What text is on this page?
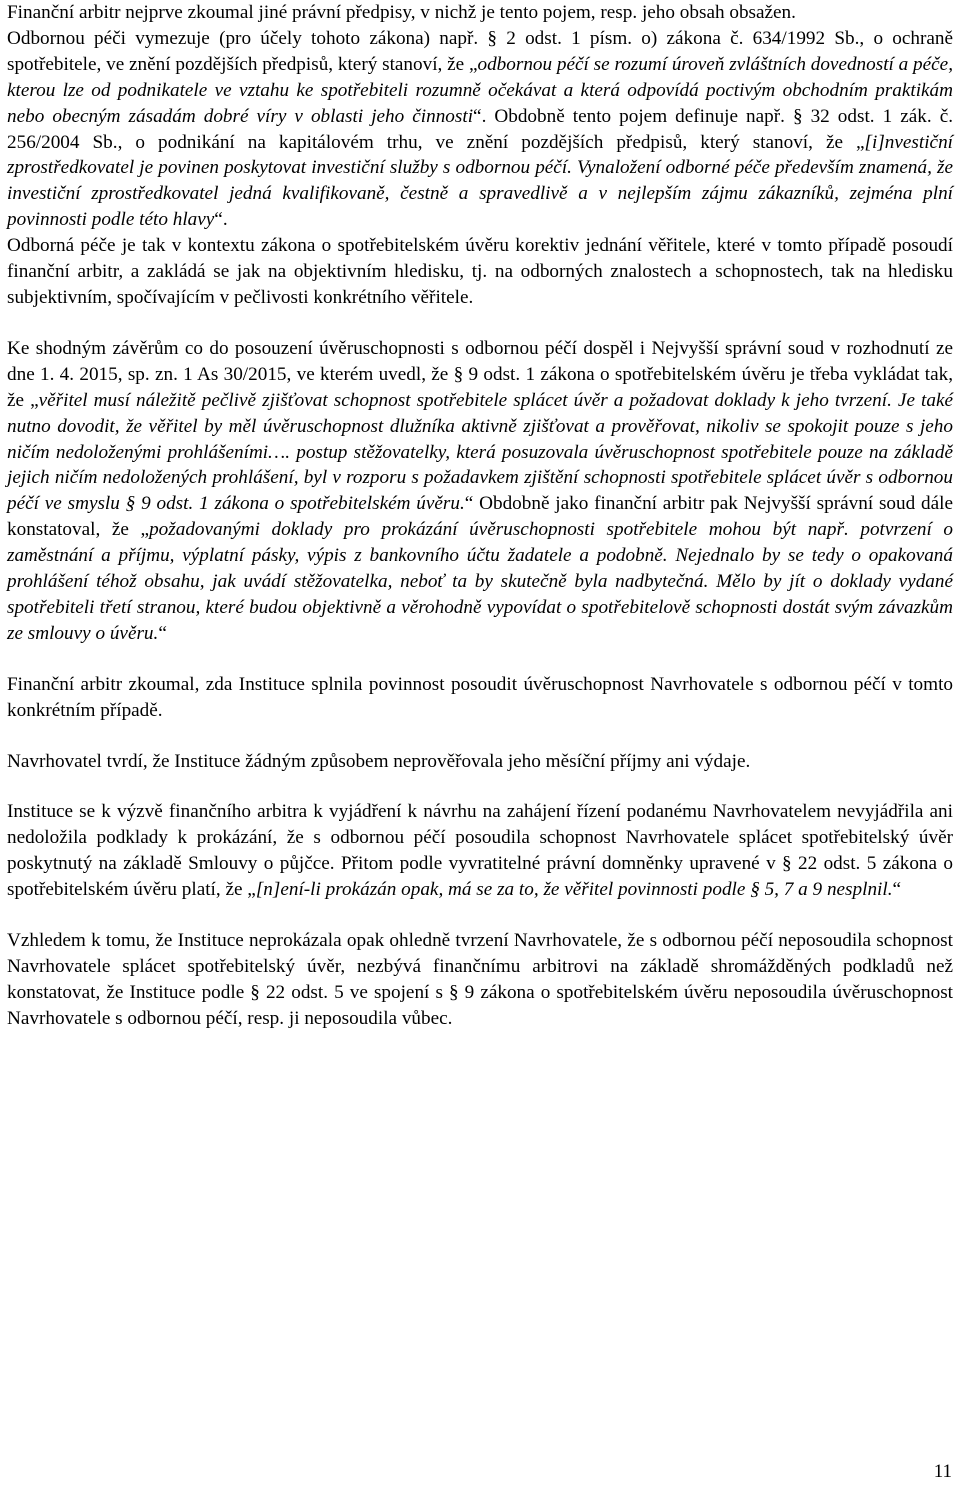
Finanční arbitr nejprve zkoumal jiné právní předpisy, v nichž je tento pojem, resp. jeho obsah obsažen.

Odbornou péči vymezuje (pro účely tohoto zákona) např. § 2 odst. 1 písm. o) zákona č. 634/1992 Sb., o ochraně spotřebitele, ve znění pozdějších předpisů, který stanoví, že „odbornou péčí se rozumí úroveň zvláštních dovedností a péče, kterou lze od podnikatele ve vztahu ke spotřebiteli rozumně očekávat a která odpovídá poctivým obchodním praktikám nebo obecným zásadám dobré víry v oblasti jeho činnosti“. Obdobně tento pojem definuje např. § 32 odst. 1 zák. č. 256/2004 Sb., o podnikání na kapitálovém trhu, ve znění pozdějších předpisů, který stanoví, že „[i]nvestiční zprostředkovatel je povinen poskytovat investiční služby s odbornou péčí. Vynaložení odborné péče především znamená, že investiční zprostředkovatel jedná kvalifikovaně, čestně a spravedlivě a v nejlepším zájmu zákazníků, zejména plní povinnosti podle této hlavy“.

Odborná péče je tak v kontextu zákona o spotřebitelském úvěru korektiv jednání věřitele, které v tomto případě posoudí finanční arbitr, a zakládá se jak na objektivním hledisku, tj. na odborných znalostech a schopnostech, tak na hledisku subjektivním, spočívajícím v pečlivosti konkrétního věřitele.

Ke shodným závěrům co do posouzení úvěruschopnosti s odbornou péčí dospěl i Nejvyšší správní soud v rozhodnutí ze dne 1. 4. 2015, sp. zn. 1 As 30/2015, ve kterém uvedl, že § 9 odst. 1 zákona o spotřebitelském úvěru je třeba vykládat tak, že „věřitel musí náležitě pečlivě zjišťovat schopnost spotřebitele splácet úvěr a požadovat doklady k jeho tvrzení. Je také nutno dovodit, že věřitel by měl úvěruschopnost dlužníka aktivně zjišťovat a prověřovat, nikoliv se spokojit pouze s jeho ničím nedoloženými prohlášeními…. postup stěžovatelky, která posuzovala úvěruschopnost spotřebitele pouze na základě jejich ničím nedoložených prohlášení, byl v rozporu s požadavkem zjištění schopnosti spotřebitele splácet úvěr s odbornou péčí ve smyslu § 9 odst. 1 zákona o spotřebitelském úvěru.“ Obdobně jako finanční arbitr pak Nejvyšší správní soud dále konstatoval, že „požadovanými doklady pro prokázání úvěruschopnosti spotřebitele mohou být např. potvrzení o zaměstnání a příjmu, výplatní pásky, výpis z bankovního účtu žadatele a podobně. Nejednalo by se tedy o opakovaná prohlášení téhož obsahu, jak uvádí stěžovatelka, neboť ta by skutečně byla nadbytečná. Mělo by jít o doklady vydané spotřebiteli třetí stranou, které budou objektivně a věrohodně vypovídat o spotřebitelově schopnosti dostát svým závazkům ze smlouvy o úvěru.“

Finanční arbitr zkoumal, zda Instituce splnila povinnost posoudit úvěruschopnost Navrhovatele s odbornou péčí v tomto konkrétním případě.

Navrhovatel tvrdí, že Instituce žádným způsobem neprověřovala jeho měsíční příjmy ani výdaje.

Instituce se k výzvě finančního arbitra k vyjádření k návrhu na zahájení řízení podanému Navrhovatelem nevyjádřila ani nedoložila podklady k prokázání, že s odbornou péčí posoudila schopnost Navrhovatele splácet spotřebitelský úvěr poskytnutý na základě Smlouvy o půjčce. Přitom podle vyvratitelné právní domněnky upravené v § 22 odst. 5 zákona o spotřebitelském úvěru platí, že „[n]ení-li prokázán opak, má se za to, že věřitel povinnosti podle § 5, 7 a 9 nesplnil.“

Vzhledem k tomu, že Instituce neprokázala opak ohledně tvrzení Navrhovatele, že s odbornou péčí neposoudila schopnost Navrhovatele splácet spotřebitelský úvěr, nezbývá finančnímu arbitrovi na základě shromážděných podkladů než konstatovat, že Instituce podle § 22 odst. 5 ve spojení s § 9 zákona o spotřebitelském úvěru neposoudila úvěruschopnost Navrhovatele s odbornou péčí, resp. ji neposoudila vůbec.

11
